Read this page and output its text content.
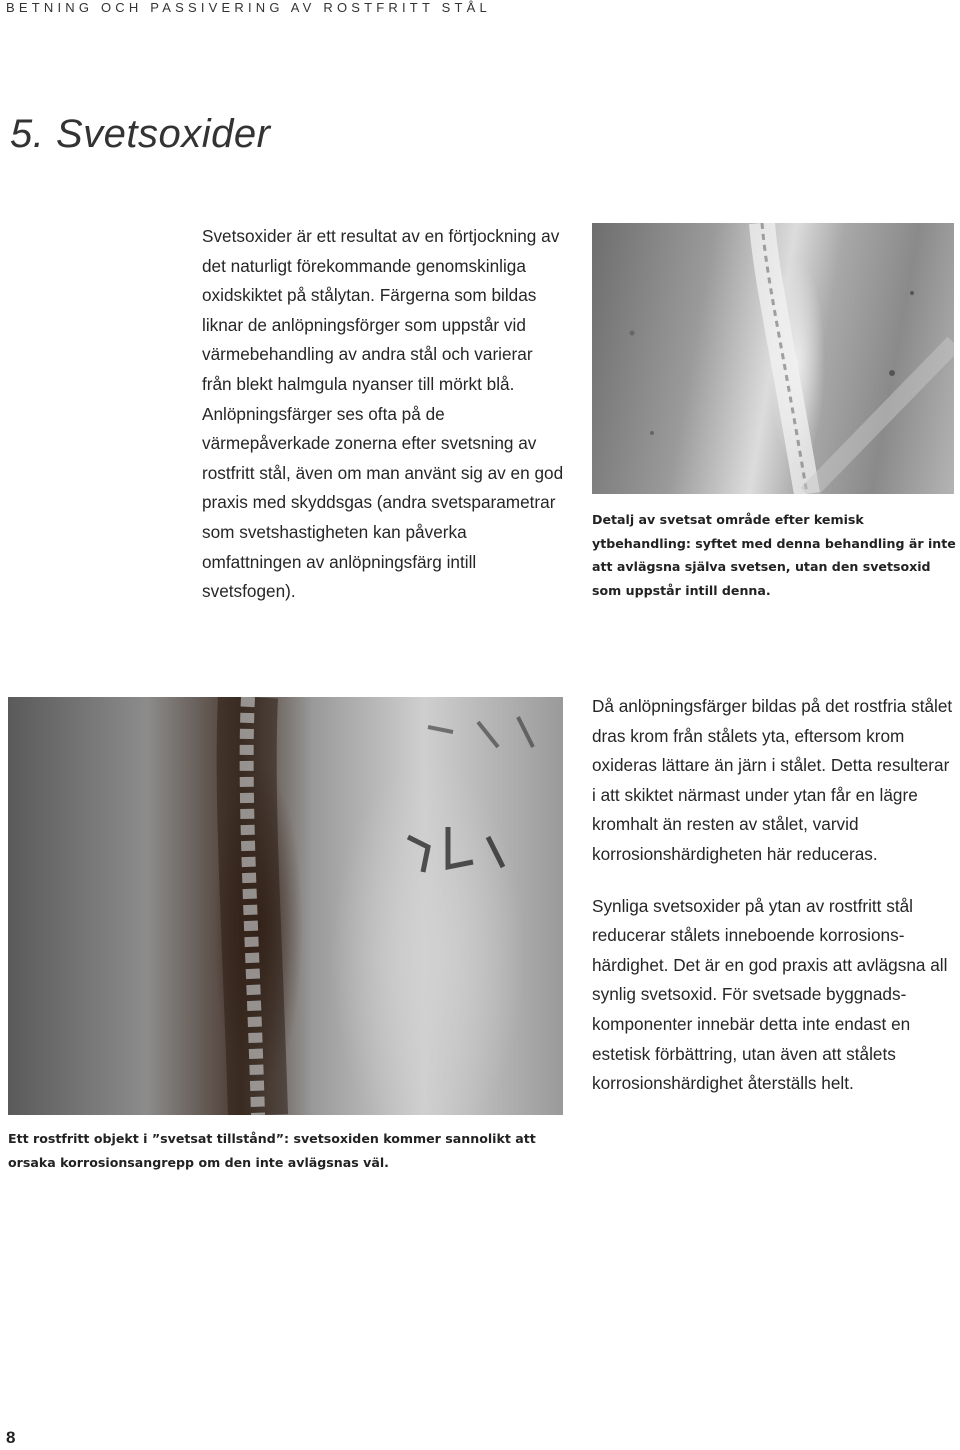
BETNING OCH PASSIVERING AV ROSTFRITT STÅL
5. Svetsoxider

Svetsoxider är ett resultat av en förtjockning av det naturligt förekommande genomskinliga oxidskiktet på stålytan. Färgerna som bildas liknar de anlöpningsförger som uppstår vid värmebehandling av andra stål och varierar från blekt halmgula nyanser till mörkt blå. Anlöpningsfärger ses ofta på de värmepåverkade zonerna efter svetsning av rostfritt stål, även om man använt sig av en god praxis med skyddsgas (andra svetsparametrar som svetshastigheten kan påverka omfattningen av anlöpningsfärg intill svetsfogen).

Detalj av svetsat område efter kemisk ytbehandling: syftet med denna behandling är inte att avlägsna själva svetsen, utan den svetsoxid som uppstår intill denna.

Ett rostfritt objekt i ”svetsat tillstånd”: svetsoxiden kommer sannolikt att orsaka korrosionsangrepp om den inte avlägsnas väl.

Då anlöpningsfärger bildas på det rostfria stålet dras krom från stålets yta, eftersom krom oxideras lättare än järn i stålet. Detta resulterar i att skiktet närmast under ytan får en lägre kromhalt än resten av stålet, varvid korrosionshärdigheten här reduceras.

Synliga svetsoxider på ytan av rostfritt stål reducerar stålets inneboende korrosions-härdighet. Det är en god praxis att avlägsna all synlig svetsoxid. För svetsade byggnads-komponenter innebär detta inte endast en estetisk förbättring, utan även att stålets korrosionshärdighet återställs helt.

8
